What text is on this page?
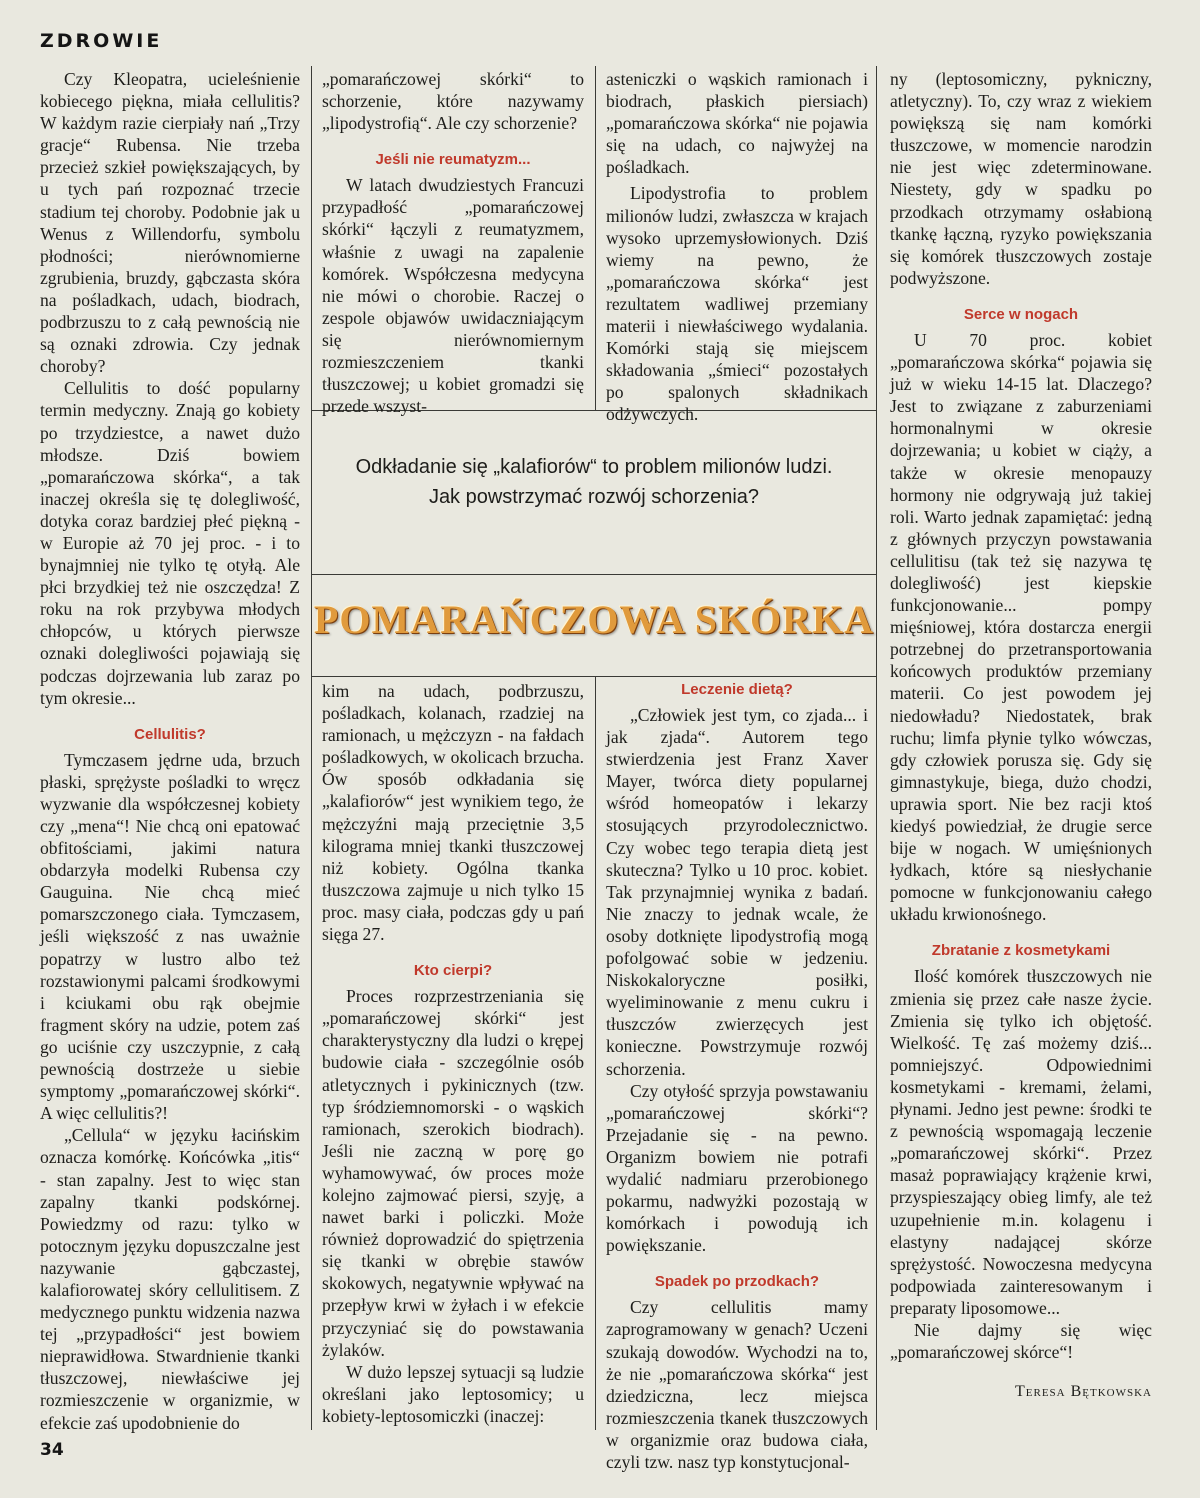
ZDROWIE

Czy Kleopatra, ucieleśnienie kobiecego piękna, miała cellulitis? W każdym razie cierpiały nań „Trzy gracje“ Rubensa. Nie trzeba przecież szkieł powiększających, by u tych pań rozpoznać trzecie stadium tej choroby. Podobnie jak u Wenus z Willendorfu, symbolu płodności; nierównomierne zgrubienia, bruzdy, gąbczasta skóra na pośladkach, udach, biodrach, podbrzuszu to z całą pewnością nie są oznaki zdrowia. Czy jednak choroby?

Cellulitis to dość popularny termin medyczny. Znają go kobiety po trzydziestce, a nawet dużo młodsze. Dziś bowiem „pomarańczowa skórka“, a tak inaczej określa się tę dolegliwość, dotyka coraz bardziej płeć piękną - w Europie aż 70 jej proc. - i to bynajmniej nie tylko tę otyłą. Ale płci brzydkiej też nie oszczędza! Z roku na rok przybywa młodych chłopców, u których pierwsze oznaki dolegliwości pojawiają się podczas dojrzewania lub zaraz po tym okresie...

Cellulitis?

Tymczasem jędrne uda, brzuch płaski, sprężyste pośladki to wręcz wyzwanie dla współczesnej kobiety czy „mena“! Nie chcą oni epatować obfitościami, jakimi natura obdarzyła modelki Rubensa czy Gauguina. Nie chcą mieć pomarszczonego ciała. Tymczasem, jeśli większość z nas uważnie popatrzy w lustro albo też rozstawionymi palcami środkowymi i kciukami obu rąk obejmie fragment skóry na udzie, potem zaś go uciśnie czy uszczypnie, z całą pewnością dostrzeże u siebie symptomy „pomarańczowej skórki“. A więc cellulitis?!

„Cellula“ w języku łacińskim oznacza komórkę. Końcówka „itis“ - stan zapalny. Jest to więc stan zapalny tkanki podskórnej. Powiedzmy od razu: tylko w potocznym języku dopuszczalne jest nazywanie gąbczastej, kalafiorowatej skóry cellulitisem. Z medycznego punktu widzenia nazwa tej „przypadłości“ jest bowiem nieprawidłowa. Stwardnienie tkanki tłuszczowej, niewłaściwe jej rozmieszczenie w organizmie, w efekcie zaś upodobnienie do

„pomarańczowej skórki“ to schorzenie, które nazywamy „lipodystrofią“. Ale czy schorzenie?

Jeśli nie reumatyzm...

W latach dwudziestych Francuzi przypadłość „pomarańczowej skórki“ łączyli z reumatyzmem, właśnie z uwagi na zapalenie komórek. Współczesna medycyna nie mówi o chorobie. Raczej o zespole objawów uwidaczniającym się nierównomiernym rozmieszczeniem tkanki tłuszczowej; u kobiet gromadzi się przede wszyst-

asteniczki o wąskich ramionach i biodrach, płaskich piersiach) „pomarańczowa skórka“ nie pojawia się na udach, co najwyżej na pośladkach.

Lipodystrofia to problem milionów ludzi, zwłaszcza w krajach wysoko uprzemysłowionych. Dziś wiemy na pewno, że „pomarańczowa skórka“ jest rezultatem wadliwej przemiany materii i niewłaściwego wydalania. Komórki stają się miejscem składowania „śmieci“ pozostałych po spalonych składnikach odżywczych.

Odkładanie się „kalafiorów“ to problem milionów ludzi.
Jak powstrzymać rozwój schorzenia?
POMARAŃCZOWA SKÓRKA

kim na udach, podbrzuszu, pośladkach, kolanach, rzadziej na ramionach, u mężczyzn - na fałdach pośladkowych, w okolicach brzucha. Ów sposób odkładania się „kalafiorów“ jest wynikiem tego, że mężczyźni mają przeciętnie 3,5 kilograma mniej tkanki tłuszczowej niż kobiety. Ogólna tkanka tłuszczowa zajmuje u nich tylko 15 proc. masy ciała, podczas gdy u pań sięga 27.

Kto cierpi?

Proces rozprzestrzeniania się „pomarańczowej skórki“ jest charakterystyczny dla ludzi o krępej budowie ciała - szczególnie osób atletycznych i pykinicznych (tzw. typ śródziemnomorski - o wąskich ramionach, szerokich biodrach). Jeśli nie zaczną w porę go wyhamowywać, ów proces może kolejno zajmować piersi, szyję, a nawet barki i policzki. Może również doprowadzić do spiętrzenia się tkanki w obrębie stawów skokowych, negatywnie wpływać na przepływ krwi w żyłach i w efekcie przyczyniać się do powstawania żylaków.

W dużo lepszej sytuacji są ludzie określani jako leptosomicy; u kobiety-leptosomiczki (inaczej:

Leczenie dietą?

„Człowiek jest tym, co zjada... i jak zjada“. Autorem tego stwierdzenia jest Franz Xaver Mayer, twórca diety popularnej wśród homeopatów i lekarzy stosujących przyrodolecznictwo. Czy wobec tego terapia dietą jest skuteczna? Tylko u 10 proc. kobiet. Tak przynajmniej wynika z badań. Nie znaczy to jednak wcale, że osoby dotknięte lipodystrofią mogą pofolgować sobie w jedzeniu. Niskokaloryczne posiłki, wyeliminowanie z menu cukru i tłuszczów zwierzęcych jest konieczne. Powstrzymuje rozwój schorzenia.

Czy otyłość sprzyja powstawaniu „pomarańczowej skórki“? Przejadanie się - na pewno. Organizm bowiem nie potrafi wydalić nadmiaru przerobionego pokarmu, nadwyżki pozostają w komórkach i powodują ich powiększanie.

Spadek po przodkach?

Czy cellulitis mamy zaprogramowany w genach? Uczeni szukają dowodów. Wychodzi na to, że nie „pomarańczowa skórka“ jest dziedziczna, lecz miejsca rozmieszczenia tkanek tłuszczowych w organizmie oraz budowa ciała, czyli tzw. nasz typ konstytucjonal-

ny (leptosomiczny, pykniczny, atletyczny). To, czy wraz z wiekiem powiększą się nam komórki tłuszczowe, w momencie narodzin nie jest więc zdeterminowane. Niestety, gdy w spadku po przodkach otrzymamy osłabioną tkankę łączną, ryzyko powiększania się komórek tłuszczowych zostaje podwyższone.

Serce w nogach

U 70 proc. kobiet „pomarańczowa skórka“ pojawia się już w wieku 14-15 lat. Dlaczego? Jest to związane z zaburzeniami hormonalnymi w okresie dojrzewania; u kobiet w ciąży, a także w okresie menopauzy hormony nie odgrywają już takiej roli. Warto jednak zapamiętać: jedną z głównych przyczyn powstawania cellulitisu (tak też się nazywa tę dolegliwość) jest kiepskie funkcjonowanie... pompy mięśniowej, która dostarcza energii potrzebnej do przetransportowania końcowych produktów przemiany materii. Co jest powodem jej niedowładu? Niedostatek, brak ruchu; limfa płynie tylko wówczas, gdy człowiek porusza się. Gdy się gimnastykuje, biega, dużo chodzi, uprawia sport. Nie bez racji ktoś kiedyś powiedział, że drugie serce bije w nogach. W umięśnionych łydkach, które są niesłychanie pomocne w funkcjonowaniu całego układu krwionośnego.

Zbratanie z kosmetykami

Ilość komórek tłuszczowych nie zmienia się przez całe nasze życie. Zmienia się tylko ich objętość. Wielkość. Tę zaś możemy dziś... pomniejszyć. Odpowiednimi kosmetykami - kremami, żelami, płynami. Jedno jest pewne: środki te z pewnością wspomagają leczenie „pomarańczowej skórki“. Przez masaż poprawiający krążenie krwi, przyspieszający obieg limfy, ale też uzupełnienie m.in. kolagenu i elastyny nadającej skórze sprężystość. Nowoczesna medycyna podpowiada zainteresowanym i preparaty liposomowe...

Nie dajmy się więc „pomarańczowej skórce“!

Teresa Bętkowska

34
